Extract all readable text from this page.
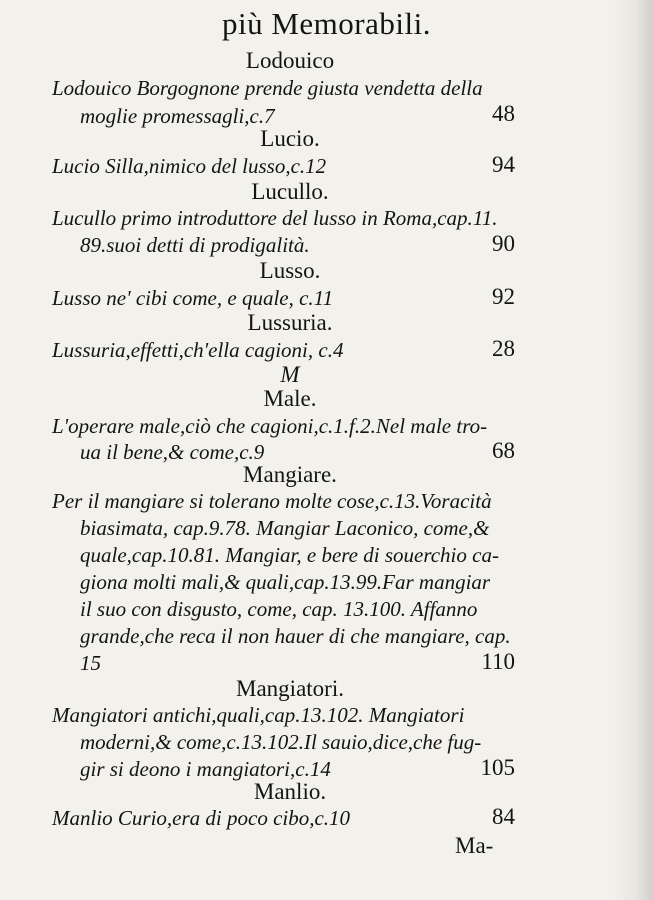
più Memorabili.
Lodouico
Lodouico Borgognone prende giusta vendetta della
moglie promessagli,c.7	48
Lucio.
Lucio Silla,nimico del lusso,c.12	94
Lucullo.
Lucullo primo introduttore del lusso in Roma,cap.11.
89.suoi detti di prodigalità.	90
Lusso.
Lusso ne' cibi come, e quale, c.11	92
Lussuria.
Lussuria,effetti,ch'ella cagioni, c.4	28
M
Male.
L'operare male,ciò che cagioni,c.1.f.2.Nel male tro-
ua il bene,& come,c.9	68
Mangiare.
Per il mangiare si tolerano molte cose,c.13.Voracità
biasimata, cap.9.78. Mangiar Laconico, come,&
quale,cap.10.81. Mangiar, e bere di souerchio ca-
giona molti mali,& quali,cap.13.99.Far mangiar
il suo con disgusto, come, cap. 13.100. Affanno
grande,che reca il non hauer di che mangiare, cap.
15	110
Mangiatori.
Mangiatori antichi,quali,cap.13.102. Mangiatori
moderni,& come,c.13.102.Il sauio,dice,che fug-
gir si deono i mangiatori,c.14	105
Manlio.
Manlio Curio,era di poco cibo,c.10	84
Ma-
